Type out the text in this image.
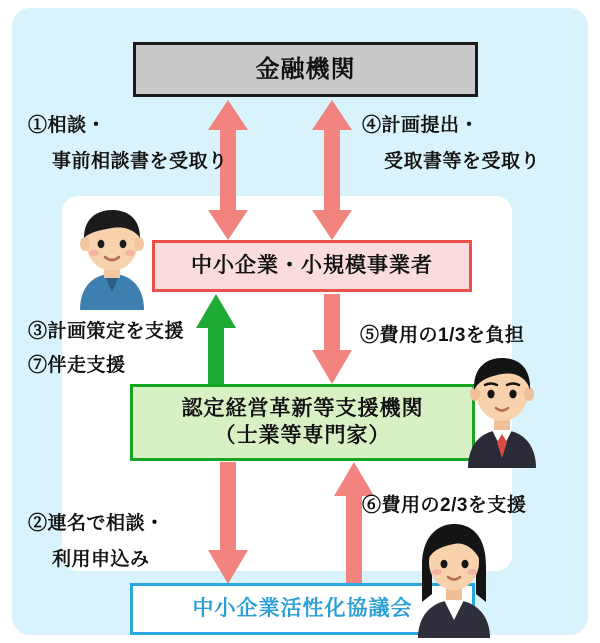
金融機関
中小企業・小規模事業者
認定経営革新等支援機関
（士業等専門家）
中小企業活性化協議会
①相談・
事前相談書を受取り
④計画提出・
受取書等を受取り
③計画策定を支援
⑦伴走支援
⑤費用の1/3を負担
⑥費用の2/3を支援
②連名で相談・
利用申込み
